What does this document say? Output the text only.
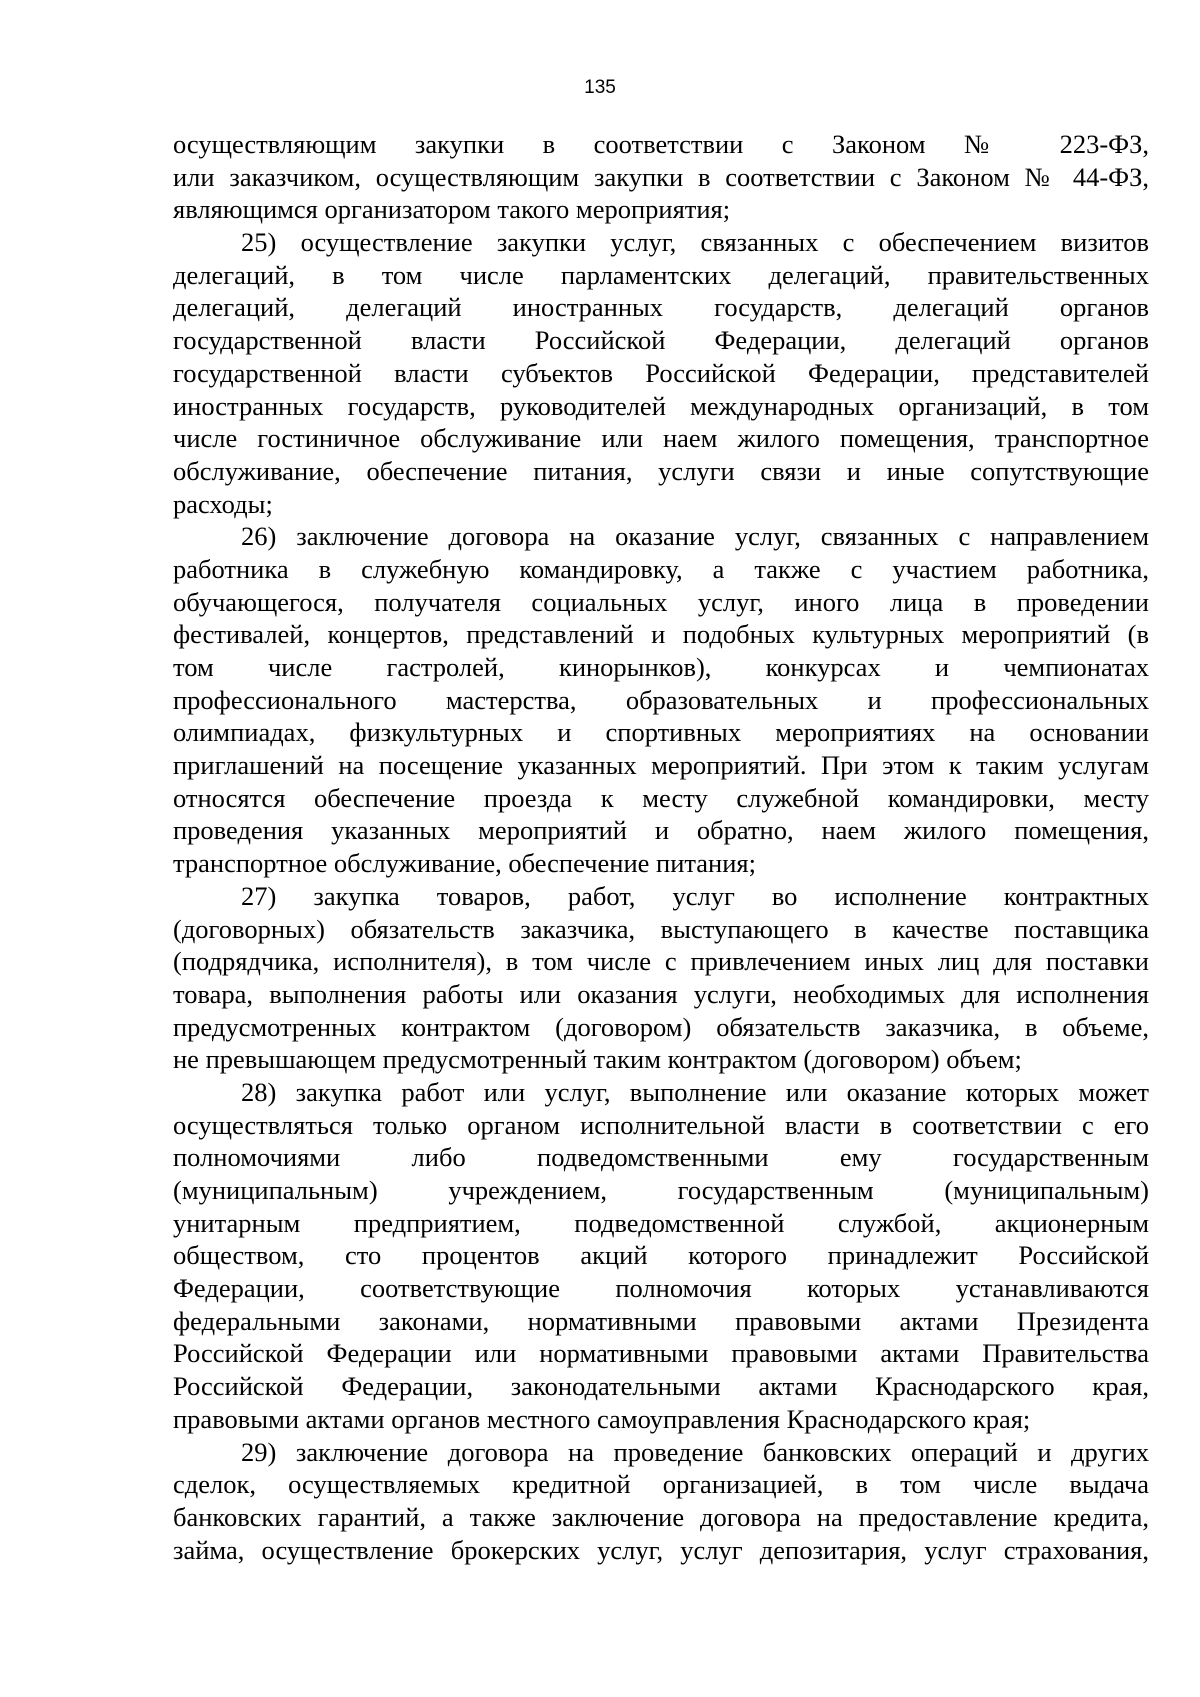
135
осуществляющим закупки в соответствии с Законом № 223-ФЗ,
или заказчиком, осуществляющим закупки в соответствии с Законом № 44-ФЗ,
являющимся организатором такого мероприятия;
25) осуществление закупки услуг, связанных с обеспечением визитов
делегаций, в том числе парламентских делегаций, правительственных
делегаций, делегаций иностранных государств, делегаций органов
государственной власти Российской Федерации, делегаций органов
государственной власти субъектов Российской Федерации, представителей
иностранных государств, руководителей международных организаций, в том
числе гостиничное обслуживание или наем жилого помещения, транспортное
обслуживание, обеспечение питания, услуги связи и иные сопутствующие
расходы;
26) заключение договора на оказание услуг, связанных с направлением
работника в служебную командировку, а также с участием работника,
обучающегося, получателя социальных услуг, иного лица в проведении
фестивалей, концертов, представлений и подобных культурных мероприятий (в
том числе гастролей, кинорынков), конкурсах и чемпионатах
профессионального мастерства, образовательных и профессиональных
олимпиадах, физкультурных и спортивных мероприятиях на основании
приглашений на посещение указанных мероприятий. При этом к таким услугам
относятся обеспечение проезда к месту служебной командировки, месту
проведения указанных мероприятий и обратно, наем жилого помещения,
транспортное обслуживание, обеспечение питания;
27) закупка товаров, работ, услуг во исполнение контрактных
(договорных) обязательств заказчика, выступающего в качестве поставщика
(подрядчика, исполнителя), в том числе с привлечением иных лиц для поставки
товара, выполнения работы или оказания услуги, необходимых для исполнения
предусмотренных контрактом (договором) обязательств заказчика, в объеме,
не превышающем предусмотренный таким контрактом (договором) объем;
28) закупка работ или услуг, выполнение или оказание которых может
осуществляться только органом исполнительной власти в соответствии с его
полномочиями либо подведомственными ему государственным
(муниципальным) учреждением, государственным (муниципальным)
унитарным предприятием, подведомственной службой, акционерным
обществом, сто процентов акций которого принадлежит Российской
Федерации, соответствующие полномочия которых устанавливаются
федеральными законами, нормативными правовыми актами Президента
Российской Федерации или нормативными правовыми актами Правительства
Российской Федерации, законодательными актами Краснодарского края,
правовыми актами органов местного самоуправления Краснодарского края;
29) заключение договора на проведение банковских операций и других
сделок, осуществляемых кредитной организацией, в том числе выдача
банковских гарантий, а также заключение договора на предоставление кредита,
займа, осуществление брокерских услуг, услуг депозитария, услуг страхования,
